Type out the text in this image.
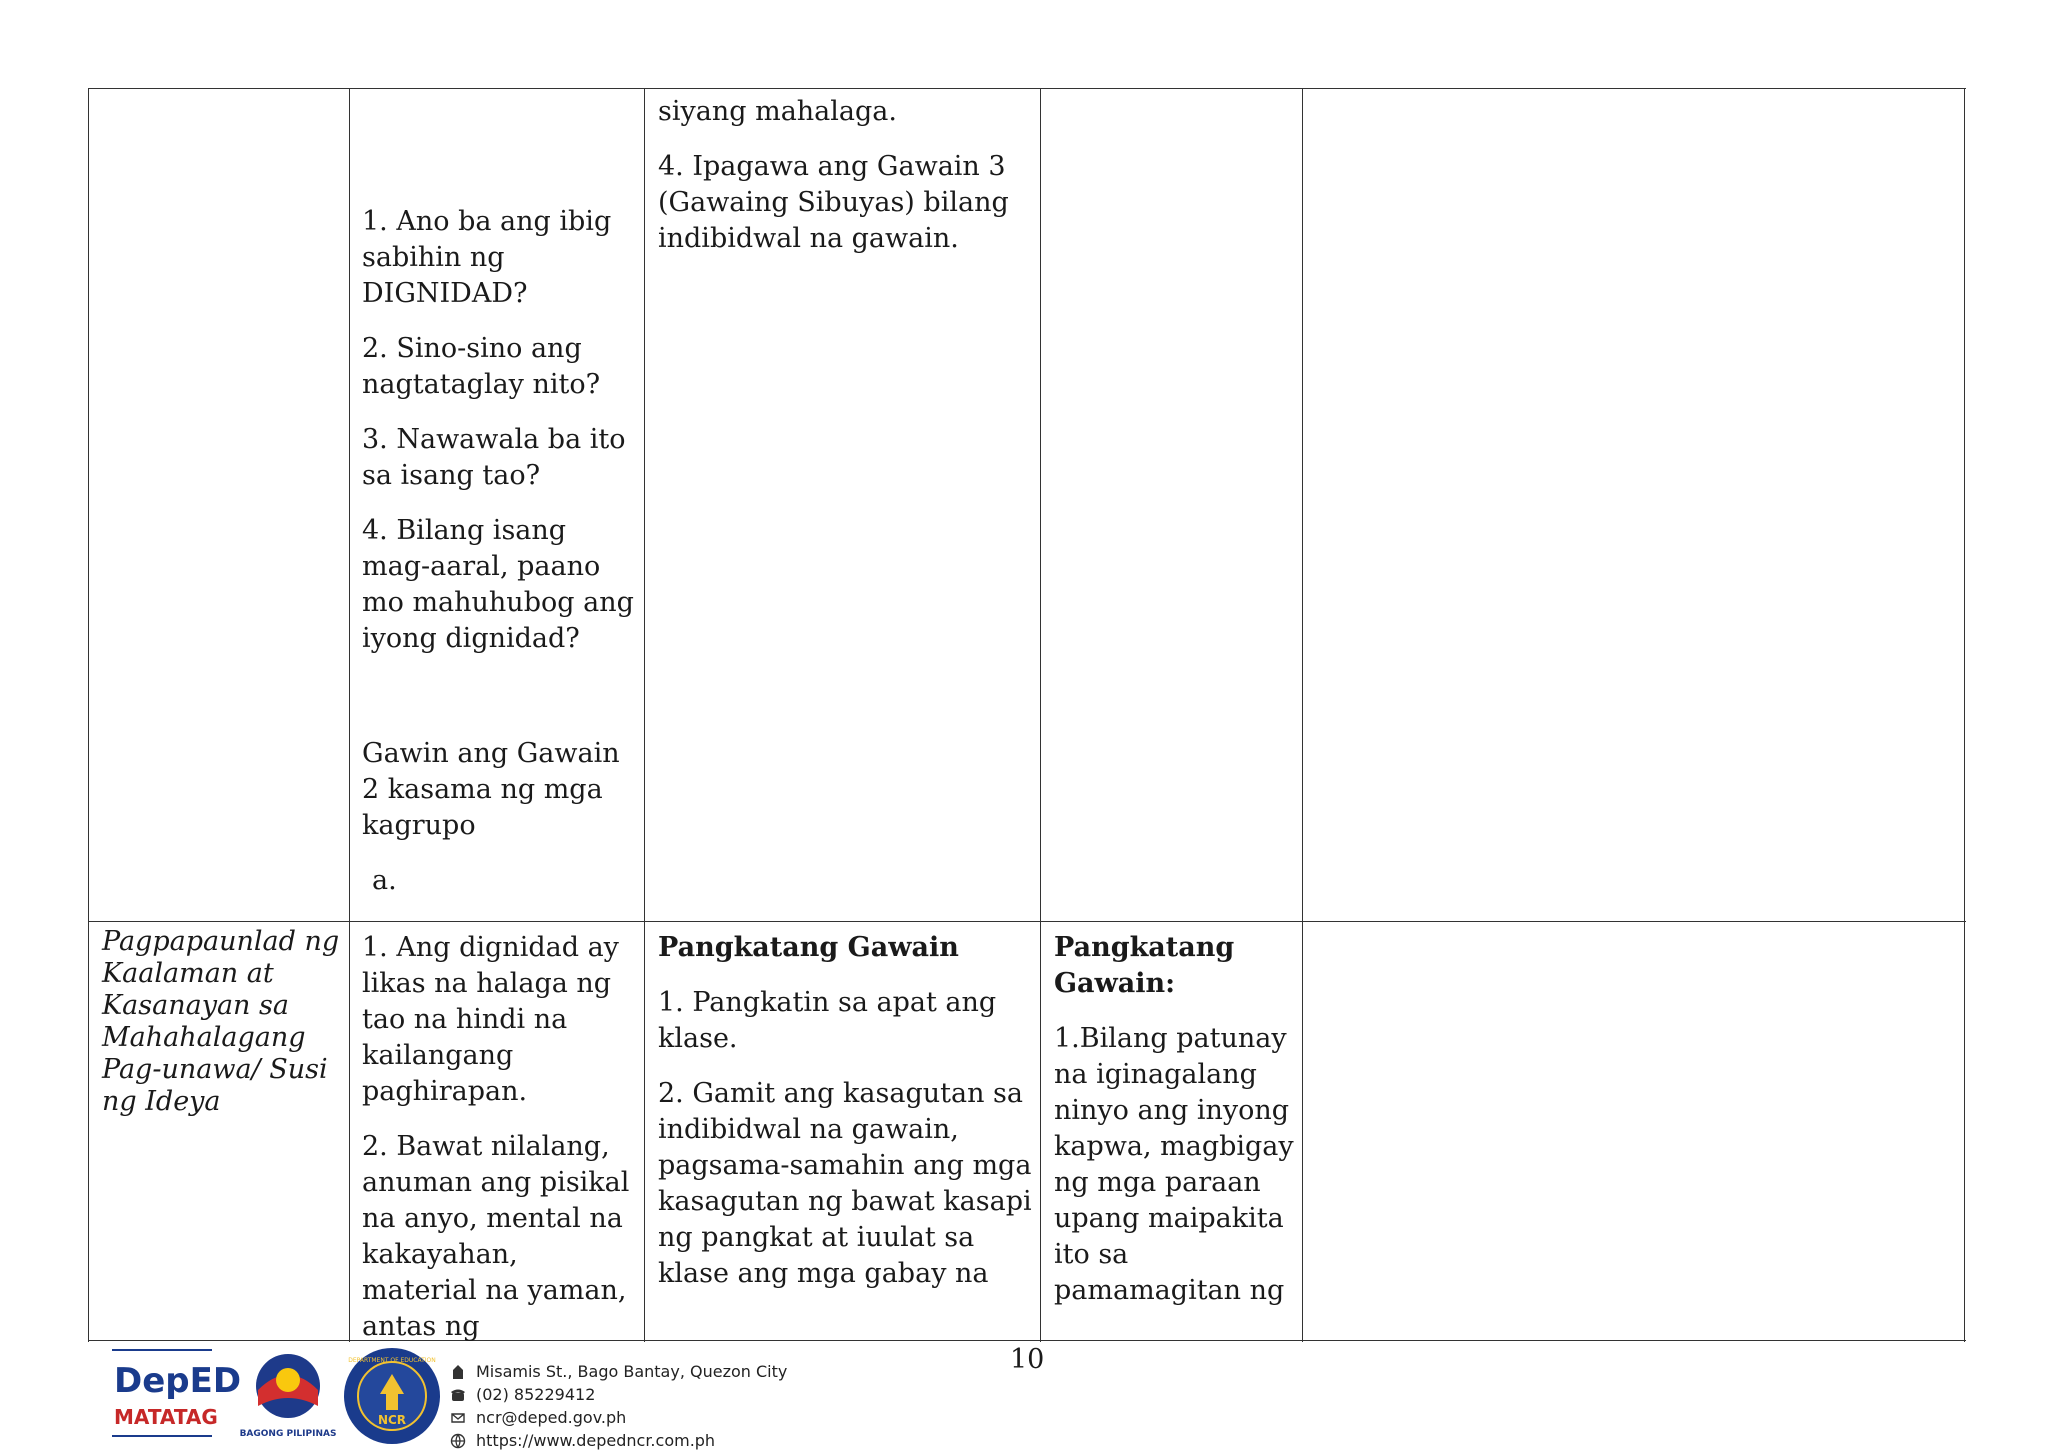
1. Ano ba ang ibig sabihin ng DIGNIDAD?

2. Sino-sino ang nagtataglay nito?

3. Nawawala ba ito sa isang tao?

4. Bilang isang mag-aaral, paano mo mahuhubog ang iyong dignidad?

Gawin ang Gawain 2 kasama ng mga kagrupo

a.

siyang mahalaga.

4. Ipagawa ang Gawain 3 (Gawaing Sibuyas) bilang indibidwal na gawain.

Pagpapaunlad ng Kaalaman at Kasanayan sa Mahahalagang Pag-unawa/ Susi ng Ideya

1. Ang dignidad ay likas na halaga ng tao na hindi na kailangang paghirapan.

2. Bawat nilalang, anuman ang pisikal na anyo, mental na kakayahan, material na yaman, antas ng

Pangkatang Gawain

1. Pangkatin sa apat ang klase.

2. Gamit ang kasagutan sa indibidwal na gawain, pagsama-samahin ang mga kasagutan ng bawat kasapi ng pangkat at iuulat sa klase ang mga gabay na

Pangkatang Gawain:

1.Bilang patunay na iginagalang ninyo ang inyong kapwa, magbigay ng mga paraan upang maipakita ito sa pamamagitan ng

10
DepED
MATATAG
BAGONG PILIPINAS
DEPARTMENT OF EDUCATION
NCR
Misamis St., Bago Bantay, Quezon City
(02) 85229412
ncr@deped.gov.ph
https://www.depedncr.com.ph
